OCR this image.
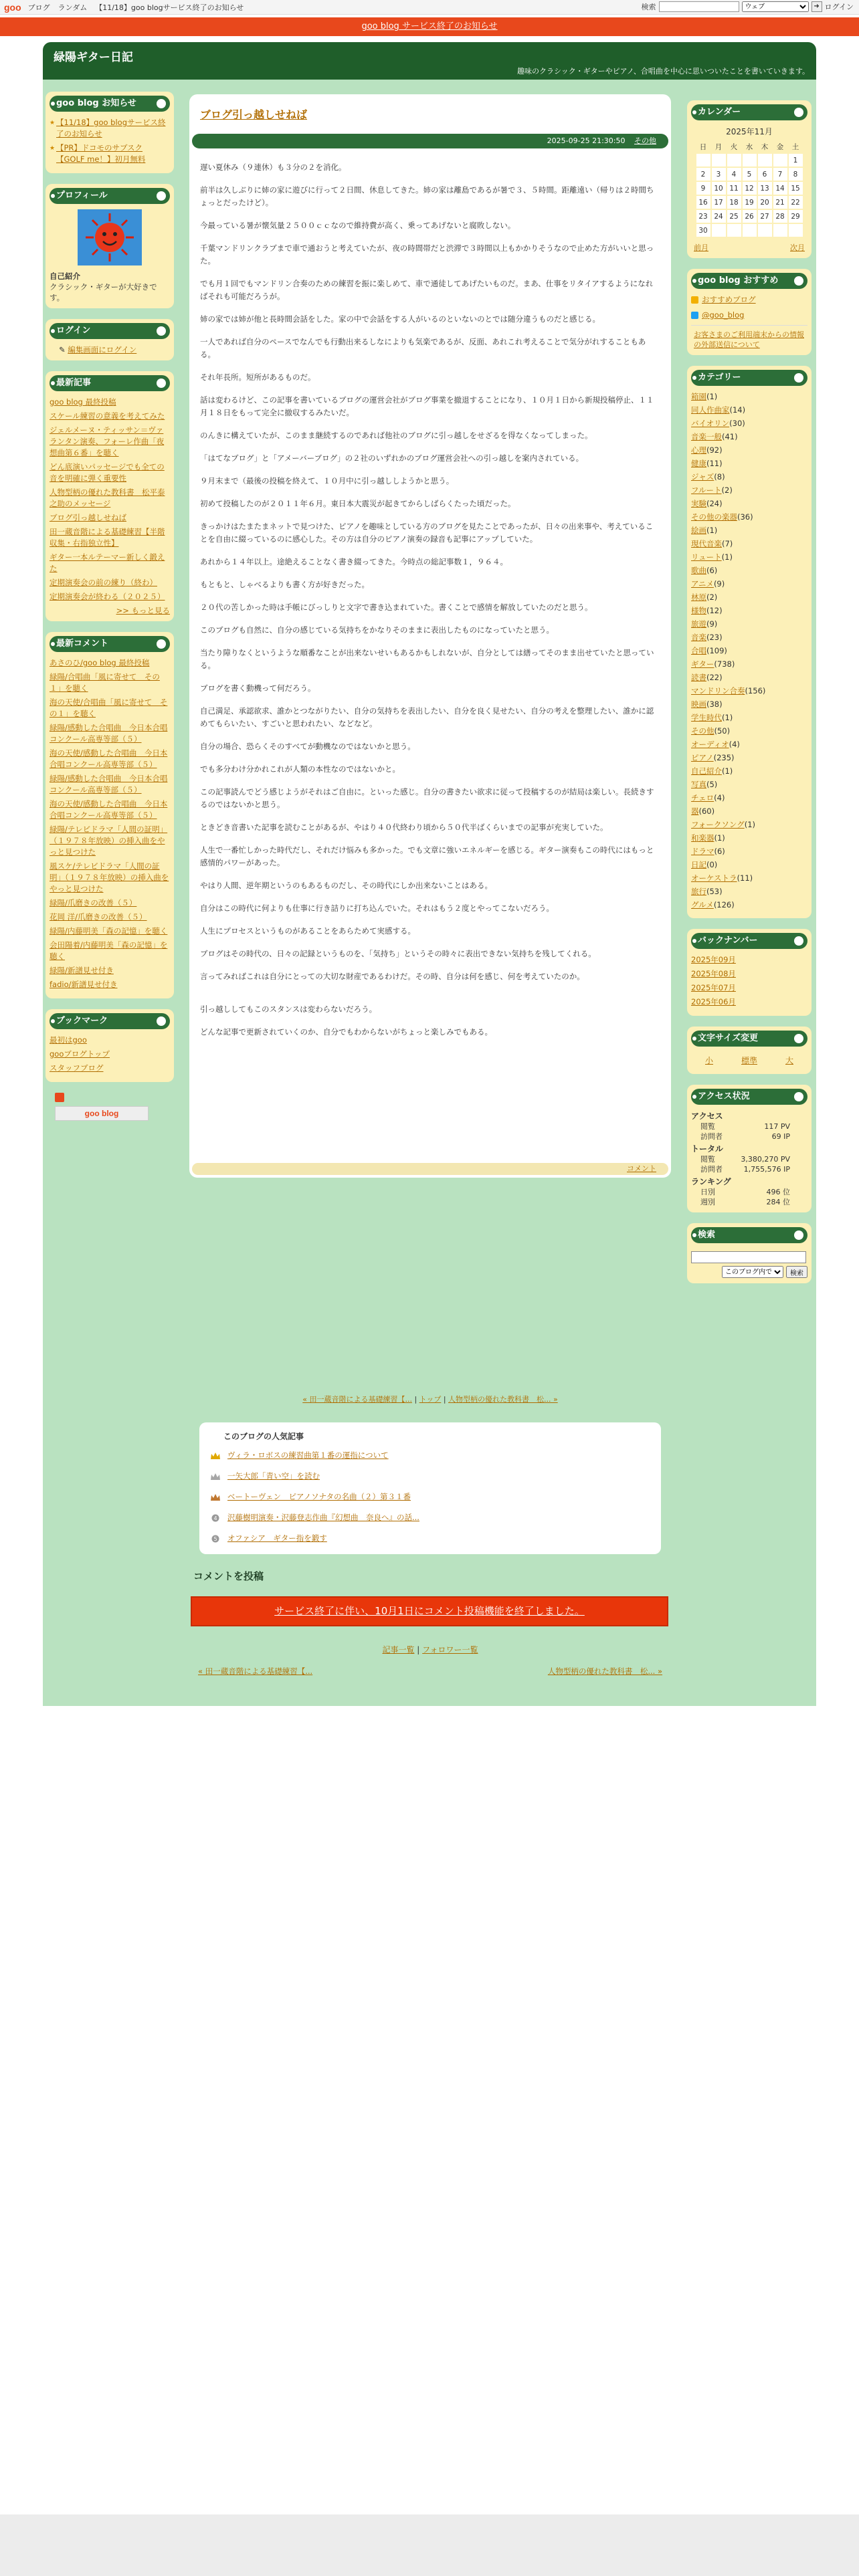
goo ブログ ランダム 【11/18】goo blogサービス終了のお知らせ	検索
ウェブ	➜ ログイン
goo blog サービス終了のお知らせ
緑陽ギター日記
趣味のクラシック・ギターやピアノ、合唱曲を中心に思いついたことを書いていきます。
goo blog お知らせ
★ 【11/18】goo blogサービス終了のお知らせ
★ 【PR】ドコモのサブスク【GOLF me！】初月無料
プロフィール
自己紹介
クラシック・ギターが大好きです。
ログイン
✎ 編集画面にログイン
最新記事
goo blog 最終投稿
スケール練習の意義を考えてみた
ジェルメーヌ・ティッサン＝ヴァランタン演奏、フォーレ作曲「夜想曲第６番」を聴く
どん底演いパッセージでも全ての音を明確に弾く重要性
人物型柄の優れた教科書　松平泰之助のメッセージ
ブログ引っ越しせねば
田一蔵音階による基礎練習【半階収集・右指独立性】
ギター一本ルテーマー新しく鍛えた
定期演奏会の前の練り（終わ）
定期演奏会が終わる（２０２５）
>> もっと見る
最新コメント
あさのひ/goo blog 最終投稿
緑陽/合唱曲「風に寄せて　その１」を聴く
海の天使/合唱曲「風に寄せて　その１」を聴く
緑陽/感動した合唱曲　今日本合唱コンクール高専等部（５）
海の天使/感動した合唱曲　今日本合唱コンクール高専等部（５）
緑陽/感動した合唱曲　今日本合唱コンクール高専等部（５）
海の天使/感動した合唱曲　今日本合唱コンクール高専等部（５）
緑陽/テレビドラマ「人間の証明」（１９７８年放映）の挿入曲をやっと見つけた
風スケ/テレビドラマ「人間の証明」（１９７８年放映）の挿入曲をやっと見つけた
緑陽/爪磨きの改善（５）
花岡 洋/爪磨きの改善（５）
緑陽/内藤明美「森の記憶」を聴く
会田陽着/内藤明美「森の記憶」を聴く
緑陽/新譜見せ付き
fadio/新譜見せ付き
ブックマーク
最初はgoo
gooブログトップ
スタッフブログ
goo blog
ブログ引っ越しせねば
2025-09-25 21:30:50 その他

遅い夏休み（９連休）も３分の２を消化。

前半は久しぶりに姉の家に遊びに行って２日間、休息してきた。姉の家は離島であるが暑で３、５時間。距離遠い（帰りは２時間ちょっとだったけど）。

今最っている暑が懐気量２５００ｃｃなので維持費が高く、乗ってあげないと腐敗しない。

千葉マンドリンクラブまで車で通おうと考えていたが、夜の時間帯だと渋滞で３時間以上もかかりそうなので止めた方がいいと思った。

でも月１回でもマンドリン合奏のための練習を振に楽しめて、車で通徒してあげたいものだ。まあ、仕事をリタイアするようになればそれも可能だろうが。

姉の家では姉が他と長時間会話をした。家の中で会話をする人がいるのといないのとでは随分違うものだと感じる。

一人であれば自分のペースでなんでも行動出来るしなによりも気楽であるが、反面、あれこれ考えることで気分がれすることもある。

それ年長所。短所があるものだ。

話は変わるけど、この記事を書いているブログの運営会社がブログ事業を撤退することになり、１０月１日から新規投稿停止、１１月１８日をもって完全に撤収するみたいだ。

のんきに構えていたが、このまま継続するのであれば他社のブログに引っ越しをせざるを得なくなってしまった。

「はてなブログ」と「アメーバーブログ」の２社のいずれかのブログ運営会社への引っ越しを案内されている。

９月末まで（最後の投稿を終えて、１０月中に引っ越ししようかと思う。

初めて投稿したのが２０１１年６月。東日本大震災が起きてからしばらくたった頃だった。

きっかけはたまたまネットで見つけた、ピアノを趣味としている方のブログを見たことであったが、日々の出来事や、考えていることを自由に綴っているのに感心した。その方は自分のピアノ演奏の録音も記事にアップしていた。

あれから１４年以上。途絶えることなく書き綴ってきた。今時点の総記事数１，９６４。

もともと、しゃべるよりも書く方が好きだった。

２０代の苦しかった時は手帳にびっしりと文字で書き込まれていた。書くことで感情を解放していたのだと思う。

このブログも自然に、自分の感じている気持ちをかなりそのままに表出したものになっていたと思う。

当たり障りなくというような順番なことが出来ないせいもあるかもしれないが、自分としては繕ってそのまま出せていたと思っている。

ブログを書く動機って何だろう。

自己満足、承認欲求、誰かとつながりたい、自分の気持ちを表出したい、自分を良く見せたい、自分の考えを整理したい、誰かに認めてもらいたい、すごいと思われたい、などなど。

自分の場合、恐らくそのすべてが動機なのではないかと思う。

でも多分わけ分かれこれが人類の本性なのではないかと。

この記事読んでどう感じようがそれはご自由に。といった感じ。自分の書きたい欲求に従って投稿するのが結局は楽しい。長続きするのではないかと思う。

ときどき音書いた記事を読むことがあるが、やはり４０代終わり頃から５０代半ばくらいまでの記事が充実していた。

人生で一番忙しかった時代だし、それだけ悩みも多かった。でも文章に強いエネルギーを感じる。ギター演奏もこの時代にはもっと感情的パワーがあった。

やはり人間、逆年期というのもあるものだし、その時代にしか出来ないことはある。

自分はこの時代に何よりも仕事に行き詰りに打ち込んでいた。それはもう２度とやってこないだろう。

人生にプロセスというものがあることをあらためて実感する。

ブログはその時代の、日々の記録というものを、「気持ち」というその時々に表出できない気持ちを残してくれる。

言ってみればこれは自分にとっての大切な財産であるわけだ。その時、自分は何を感じ、何を考えていたのか。

引っ越ししてもこのスタンスは変わらないだろう。

どんな記事で更新されていくのか、自分でもわからないがちょっと楽しみでもある。

コメント
« 田一蔵音階による基礎練習【... | トップ | 人物型柄の優れた教科書　松... »
このブログの人気記事
ヴィラ・ロボスの練習曲第１番の運指について
一矢大郎「青い空」を読む
ベートーヴェン　ピアノソナタの名曲（２）第３１番
4 沢藤樹明演奏・沢藤登志作曲『幻想曲　奈良へ』の話...
5 オファシア　ギター指を鍛す
コメントを投稿
サービス終了に伴い、10月1日にコメント投稿機能を終了しました。
記事一覧 | フォロワー一覧
« 田一蔵音階による基礎練習【...	人物型柄の優れた教科書　松... »
カレンダー
2025年11月
日	月	火	水	木	金	土
						1
2	3	4	5	6	7	8
9	10	11	12	13	14	15
16	17	18	19	20	21	22
23	24	25	26	27	28	29
30						
前月	次月
goo blog おすすめ
おすすめブログ
@goo_blog
お客さまのご利用端末からの情報の外部送信について
カテゴリー
箱園(1)
同人作曲家(14)
バイオリン(30)
音楽一般(41)
心理(92)
健康(11)
ジャズ(8)
フルート(2)
実験(24)
その他の楽器(36)
絵画(1)
現代音楽(7)
リュート(1)
歌曲(6)
アニメ(9)
林原(2)
様物(12)
旅遊(9)
音楽(23)
合唱(109)
ギター(738)
読書(22)
マンドリン合奏(156)
映画(38)
学生時代(1)
その他(50)
オーディオ(4)
ピアノ(235)
自己紹介(1)
写真(5)
チェロ(4)
器(60)
フォークソング(1)
和楽器(1)
ドラマ(6)
日記(0)
オーケストラ(11)
旅行(53)
グルメ(126)
バックナンバー
2025年09月
2025年08月
2025年07月
2025年06月
文字サイズ変更
小	標準	大
アクセス状況
アクセス
閲覧	117 PV
訪問者	69 IP
トータル
閲覧	3,380,270 PV
訪問者	1,755,576 IP
ランキング
日別	496 位
週別	284 位
検索
このブログ内で
検索
